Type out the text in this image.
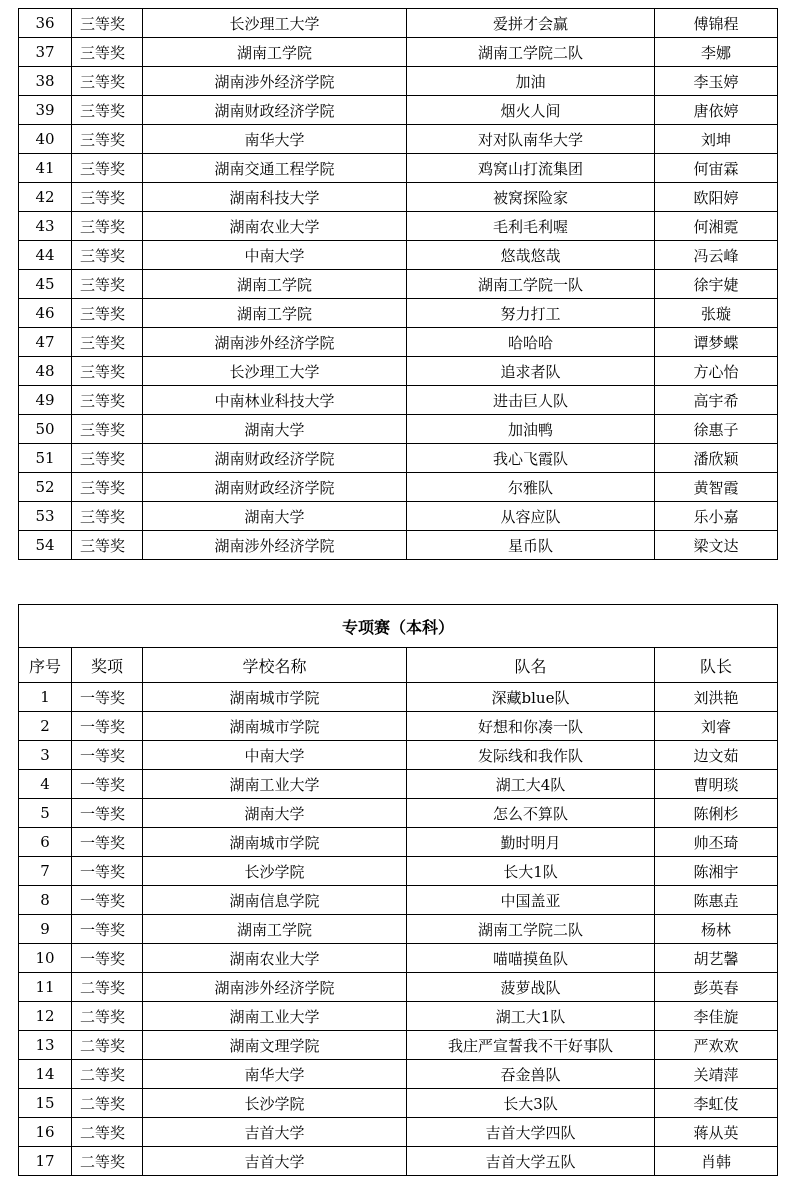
36	三等奖	长沙理工大学	爱拼才会赢	傅锦程
37	三等奖	湖南工学院	湖南工学院二队	李娜
38	三等奖	湖南涉外经济学院	加油	李玉婷
39	三等奖	湖南财政经济学院	烟火人间	唐依婷
40	三等奖	南华大学	对对队南华大学	刘坤
41	三等奖	湖南交通工程学院	鸡窝山打流集团	何宙霖
42	三等奖	湖南科技大学	被窝探险家	欧阳婷
43	三等奖	湖南农业大学	毛利毛利喔	何湘霓
44	三等奖	中南大学	悠哉悠哉	冯云峰
45	三等奖	湖南工学院	湖南工学院一队	徐宇婕
46	三等奖	湖南工学院	努力打工	张璇
47	三等奖	湖南涉外经济学院	哈哈哈	谭梦蝶
48	三等奖	长沙理工大学	追求者队	方心怡
49	三等奖	中南林业科技大学	进击巨人队	高宇希
50	三等奖	湖南大学	加油鸭	徐惠子
51	三等奖	湖南财政经济学院	我心飞霞队	潘欣颖
52	三等奖	湖南财政经济学院	尔雅队	黄智霞
53	三等奖	湖南大学	从容应队	乐小嘉
54	三等奖	湖南涉外经济学院	星币队	梁文达
专项赛（本科）				
序号	奖项	学校名称	队名	队长
1	一等奖	湖南城市学院	深藏blue队	刘洪艳
2	一等奖	湖南城市学院	好想和你凑一队	刘睿
3	一等奖	中南大学	发际线和我作队	边文茹
4	一等奖	湖南工业大学	湖工大4队	曹明琰
5	一等奖	湖南大学	怎么不算队	陈俐杉
6	一等奖	湖南城市学院	勤时明月	帅丕琦
7	一等奖	长沙学院	长大1队	陈湘宇
8	一等奖	湖南信息学院	中国盖亚	陈惠垚
9	一等奖	湖南工学院	湖南工学院二队	杨林
10	一等奖	湖南农业大学	喵喵摸鱼队	胡艺馨
11	二等奖	湖南涉外经济学院	菠萝战队	彭英春
12	二等奖	湖南工业大学	湖工大1队	李佳旋
13	二等奖	湖南文理学院	我庄严宣誓我不干好事队	严欢欢
14	二等奖	南华大学	吞金兽队	关靖萍
15	二等奖	长沙学院	长大3队	李虹伎
16	二等奖	吉首大学	吉首大学四队	蒋从英
17	二等奖	吉首大学	吉首大学五队	肖韩
